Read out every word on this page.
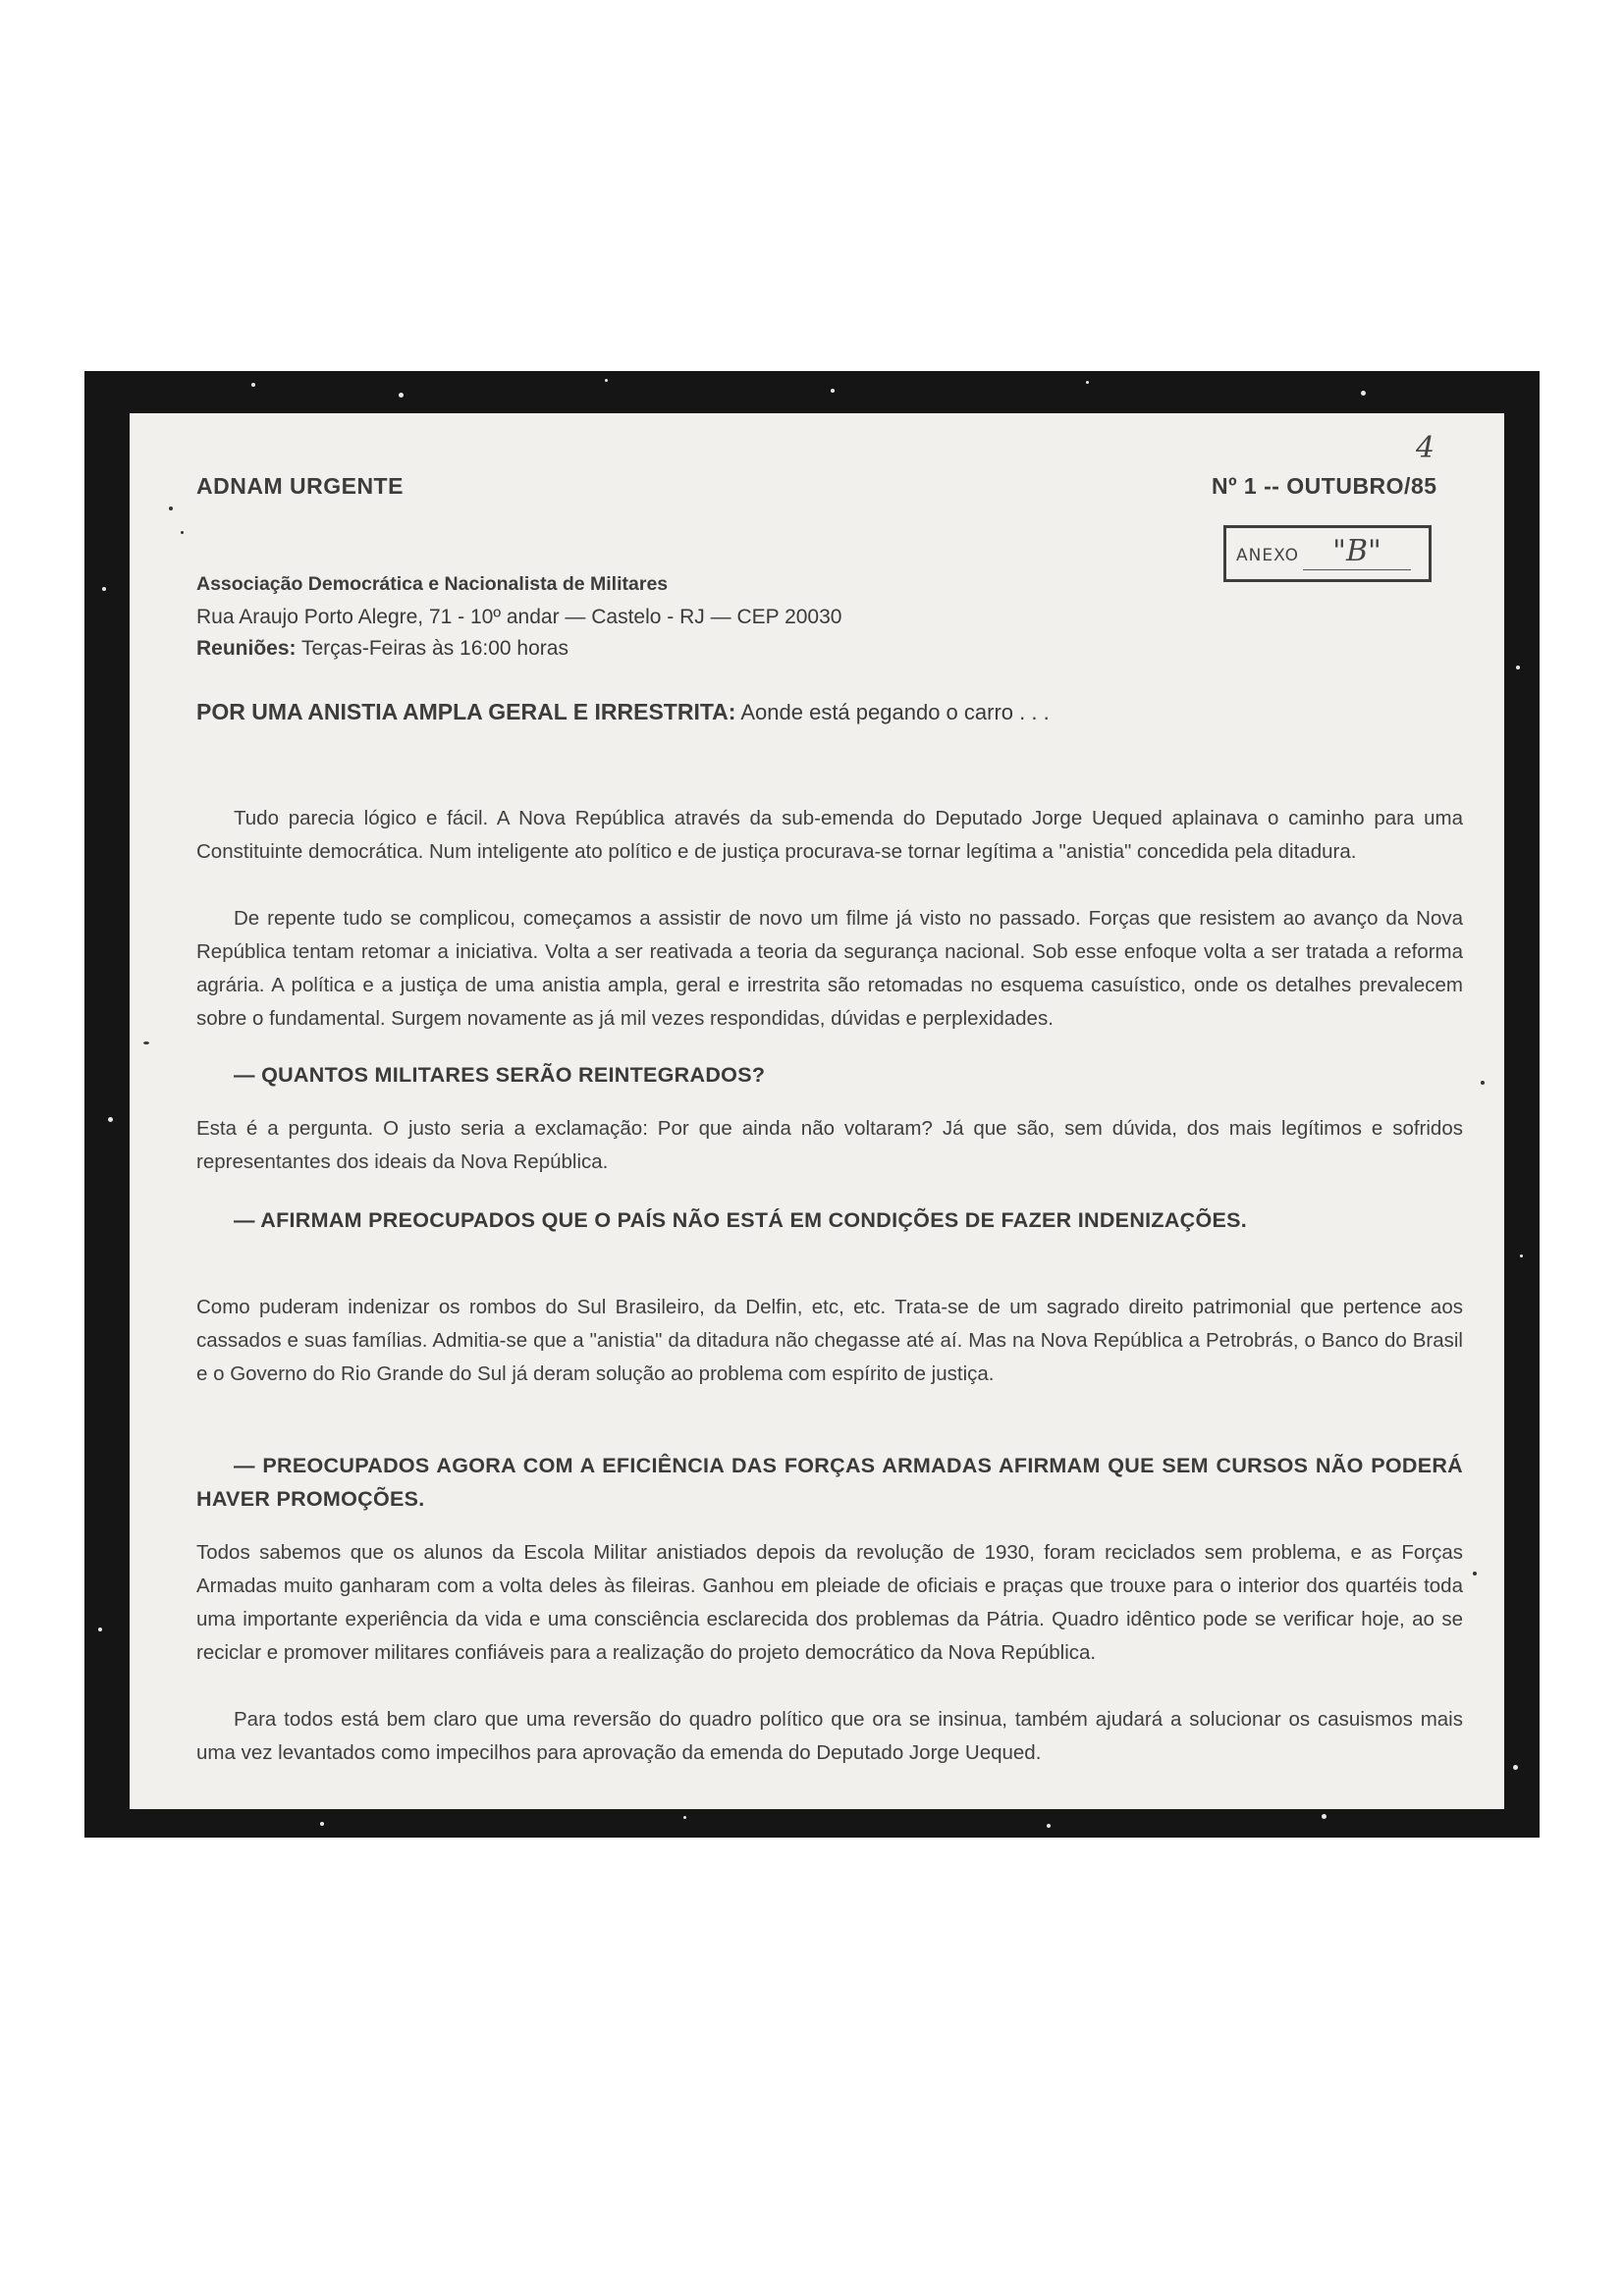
4
ADNAM URGENTE	Nº 1 -- OUTUBRO/85
ANEXO	"B"
Associação Democrática e Nacionalista de Militares
Rua Araujo Porto Alegre, 71 - 10º andar — Castelo - RJ — CEP 20030
Reuniões: Terças-Feiras às 16:00 horas
POR UMA ANISTIA AMPLA GERAL E IRRESTRITA: Aonde está pegando o carro . . .

Tudo parecia lógico e fácil. A Nova República através da sub-emenda do Deputado Jorge Uequed aplainava o caminho para uma Constituinte democrática. Num inteligente ato político e de justiça procurava-se tornar legítima a "anistia" concedida pela ditadura.

De repente tudo se complicou, começamos a assistir de novo um filme já visto no passado. Forças que resistem ao avanço da Nova República tentam retomar a iniciativa. Volta a ser reativada a teoria da segurança nacional. Sob esse enfoque volta a ser tratada a reforma agrária. A política e a justiça de uma anistia ampla, geral e irrestrita são retomadas no esquema casuístico, onde os detalhes prevalecem sobre o fundamental. Surgem novamente as já mil vezes respondidas, dúvidas e perplexidades.

— QUANTOS MILITARES SERÃO REINTEGRADOS?

Esta é a pergunta. O justo seria a exclamação: Por que ainda não voltaram? Já que são, sem dúvida, dos mais legítimos e sofridos representantes dos ideais da Nova República.

— AFIRMAM PREOCUPADOS QUE O PAÍS NÃO ESTÁ EM CONDIÇÕES DE FAZER INDENIZAÇÕES.

Como puderam indenizar os rombos do Sul Brasileiro, da Delfin, etc, etc. Trata-se de um sagrado direito patrimonial que pertence aos cassados e suas famílias. Admitia-se que a "anistia" da ditadura não chegasse até aí. Mas na Nova República a Petrobrás, o Banco do Brasil e o Governo do Rio Grande do Sul já deram solução ao problema com espírito de justiça.

— PREOCUPADOS AGORA COM A EFICIÊNCIA DAS FORÇAS ARMADAS AFIRMAM QUE SEM CURSOS NÃO PODERÁ HAVER PROMOÇÕES.

Todos sabemos que os alunos da Escola Militar anistiados depois da revolução de 1930, foram reciclados sem problema, e as Forças Armadas muito ganharam com a volta deles às fileiras. Ganhou em pleiade de oficiais e praças que trouxe para o interior dos quartéis toda uma importante experiência da vida e uma consciência esclarecida dos problemas da Pátria. Quadro idêntico pode se verificar hoje, ao se reciclar e promover militares confiáveis para a realização do projeto democrático da Nova República.

Para todos está bem claro que uma reversão do quadro político que ora se insinua, também ajudará a solucionar os casuismos mais uma vez levantados como impecilhos para aprovação da emenda do Deputado Jorge Uequed.
